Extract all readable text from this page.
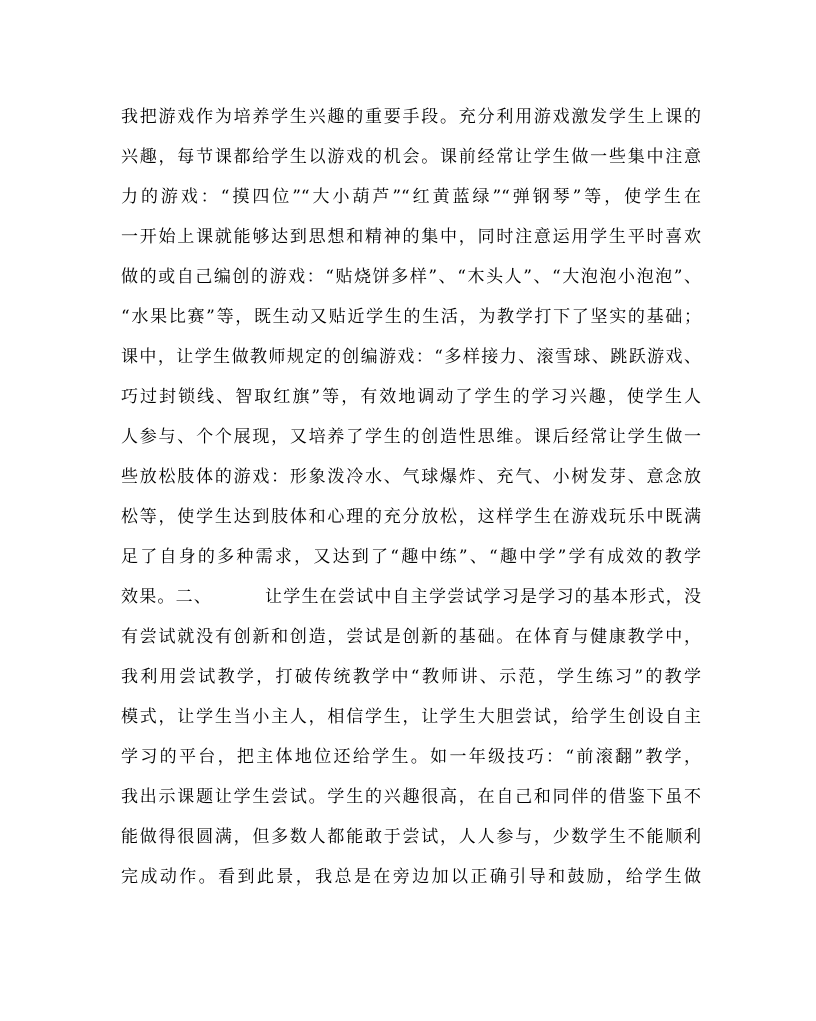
我把游戏作为培养学生兴趣的重要手段。充分利用游戏激发学生上课的
兴趣，每节课都给学生以游戏的机会。课前经常让学生做一些集中注意
力的游戏：“摸四位”“大小葫芦”“红黄蓝绿”“弹钢琴”等，使学生在
一开始上课就能够达到思想和精神的集中，同时注意运用学生平时喜欢
做的或自己编创的游戏：“贴烧饼多样”、“木头人”、“大泡泡小泡泡”、
“水果比赛”等，既生动又贴近学生的生活，为教学打下了坚实的基础；
课中，让学生做教师规定的创编游戏：“多样接力、滚雪球、跳跃游戏、
巧过封锁线、智取红旗”等，有效地调动了学生的学习兴趣，使学生人
人参与、个个展现，又培养了学生的创造性思维。课后经常让学生做一
些放松肢体的游戏：形象泼冷水、气球爆炸、充气、小树发芽、意念放
松等，使学生达到肢体和心理的充分放松，这样学生在游戏玩乐中既满
足了自身的多种需求，又达到了“趣中练”、“趣中学”学有成效的教学
效果。二、        让学生在尝试中自主学尝试学习是学习的基本形式，没
有尝试就没有创新和创造，尝试是创新的基础。在体育与健康教学中，
我利用尝试教学，打破传统教学中“教师讲、示范，学生练习”的教学
模式，让学生当小主人，相信学生，让学生大胆尝试，给学生创设自主
学习的平台，把主体地位还给学生。如一年级技巧：“前滚翻”教学，
我出示课题让学生尝试。学生的兴趣很高，在自己和同伴的借鉴下虽不
能做得很圆满，但多数人都能敢于尝试，人人参与，少数学生不能顺利
完成动作。看到此景，我总是在旁边加以正确引导和鼓励，给学生做
